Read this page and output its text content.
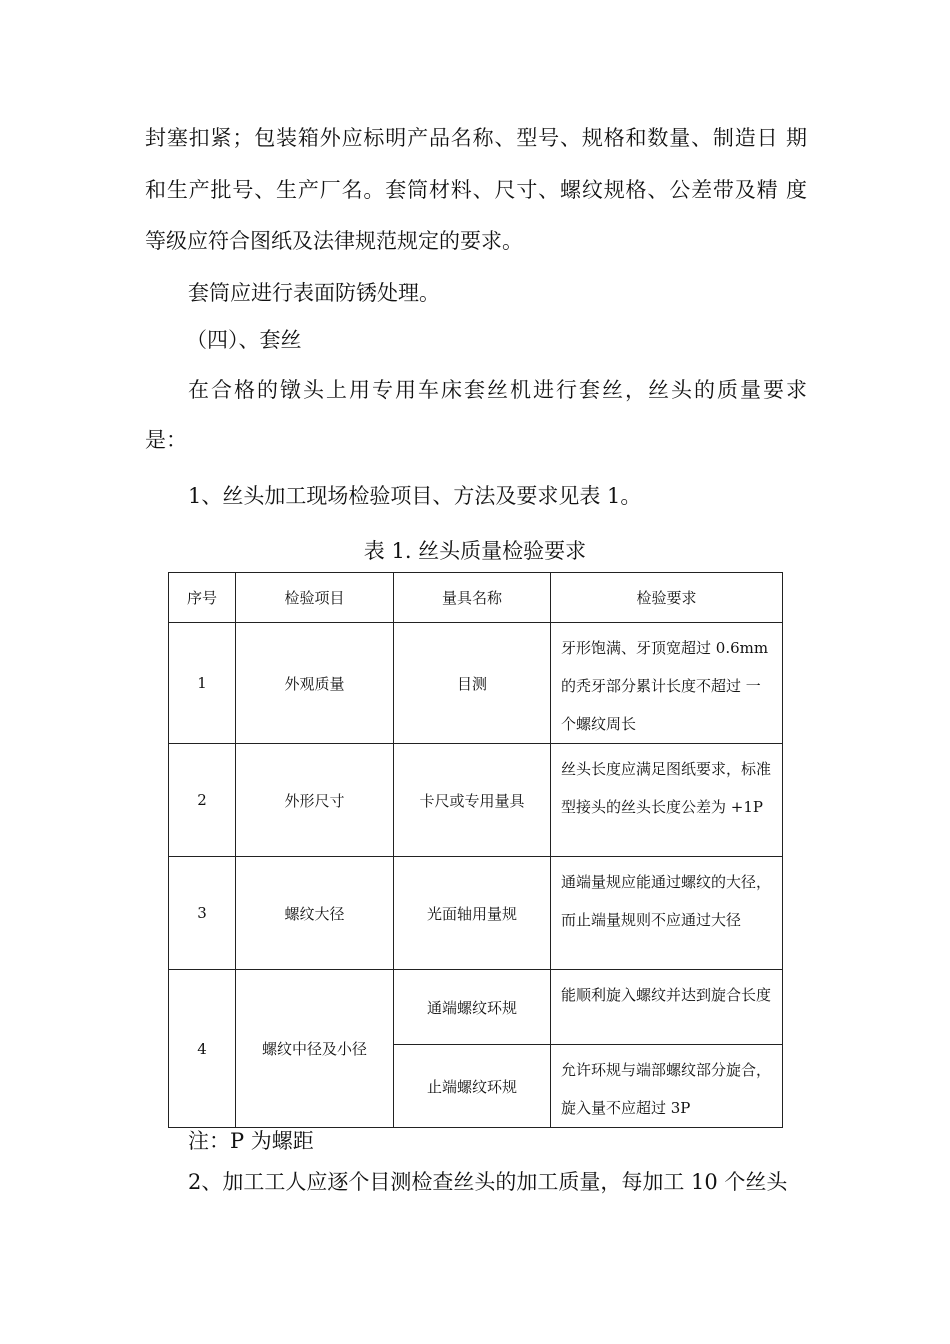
封塞扣紧；包装箱外应标明产品名称、型号、规格和数量、制造日 期
和生产批号、生产厂名。套筒材料、尺寸、螺纹规格、公差带及精 度
等级应符合图纸及法律规范规定的要求。
套筒应进行表面防锈处理。
（四）、套丝
在合格的镦头上用专用车床套丝机进行套丝，丝头的质量要求
是：
1、丝头加工现场检验项目、方法及要求见表 1。
表 1. 丝头质量检验要求
序号	检验项目	量具名称	检验要求
1	外观质量	目测	牙形饱满、牙顶宽超过 0.6mm 的秃牙部分累计长度不超过 一个螺纹周长
2	外形尺寸	卡尺或专用量具	丝头长度应满足图纸要求，标准型接头的丝头长度公差为 +1P
3	螺纹大径	光面轴用量规	通端量规应能通过螺纹的大径，而止端量规则不应通过大径
4	螺纹中径及小径	通端螺纹环规	能顺利旋入螺纹并达到旋合长度
		止端螺纹环规	允许环规与端部螺纹部分旋合，旋入量不应超过 3P
注：P 为螺距
2、加工工人应逐个目测检查丝头的加工质量，每加工 10 个丝头
